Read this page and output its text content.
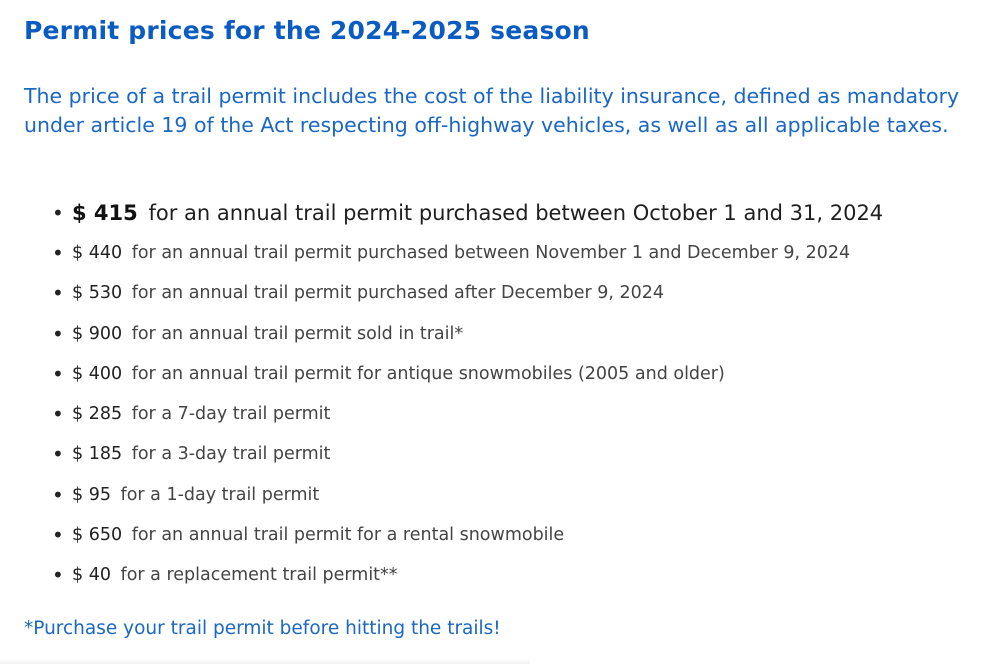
Permit prices for the 2024-2025 season

The price of a trail permit includes the cost of the liability insurance, defined as mandatory under article 19 of the Act respecting off-highway vehicles, as well as all applicable taxes.

• $ 415 for an annual trail permit purchased between October 1 and 31, 2024
• $ 440 for an annual trail permit purchased between November 1 and December 9, 2024
• $ 530 for an annual trail permit purchased after December 9, 2024
• $ 900 for an annual trail permit sold in trail*
• $ 400 for an annual trail permit for antique snowmobiles (2005 and older)
• $ 285 for a 7-day trail permit
• $ 185 for a 3-day trail permit
• $ 95 for a 1-day trail permit
• $ 650 for an annual trail permit for a rental snowmobile
• $ 40 for a replacement trail permit**

*Purchase your trail permit before hitting the trails!
